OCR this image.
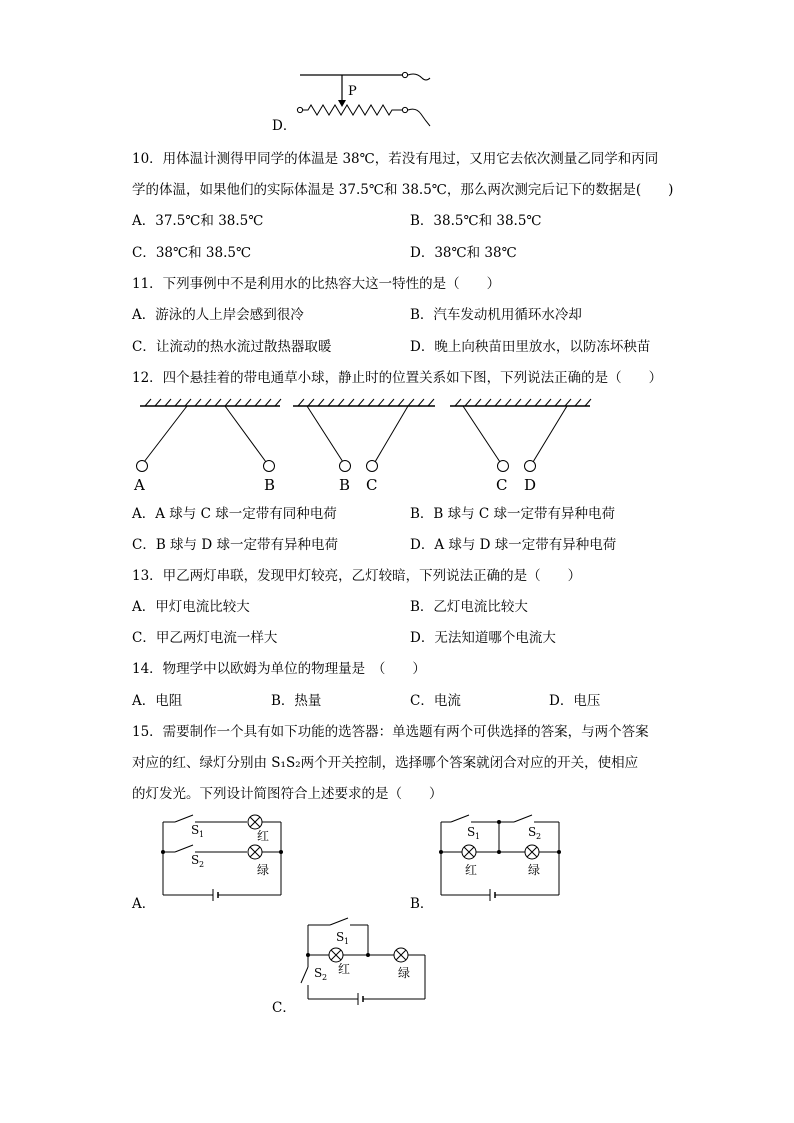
P
D．
10．用体温计测得甲同学的体温是 38℃，若没有甩过，又用它去依次测量乙同学和丙同
学的体温，如果他们的实际体温是 37.5℃和 38.5℃，那么两次测完后记下的数据是(　　)
A．37.5℃和 38.5℃	B．38.5℃和 38.5℃
C．38℃和 38.5℃	D．38℃和 38℃
11．下列事例中不是利用水的比热容大这一特性的是（　　）
A．游泳的人上岸会感到很冷	B．汽车发动机用循环水冷却
C．让流动的热水流过散热器取暖	D．晚上向秧苗田里放水，以防冻坏秧苗
12．四个悬挂着的带电通草小球，静止时的位置关系如下图，下列说法正确的是（　　）
A	B	B C	C D
A．A 球与 C 球一定带有同种电荷	B．B 球与 C 球一定带有异种电荷
C．B 球与 D 球一定带有异种电荷	D．A 球与 D 球一定带有异种电荷
13．甲乙两灯串联，发现甲灯较亮，乙灯较暗，下列说法正确的是（　　）
A．甲灯电流比较大	B．乙灯电流比较大
C．甲乙两灯电流一样大	D．无法知道哪个电流大
14．物理学中以欧姆为单位的物理量是　（　　）
A．电阻	B．热量	C．电流	D．电压
15．需要制作一个具有如下功能的选答器：单选题有两个可供选择的答案，与两个答案
对应的红、绿灯分别由 S₁S₂两个开关控制，选择哪个答案就闭合对应的开关，使相应
的灯发光。下列设计简图符合上述要求的是（　　）
S 1
S 2
红
绿
A．
S 1	S 2
红	绿
B．
S 1
S 2
红	绿
C．
